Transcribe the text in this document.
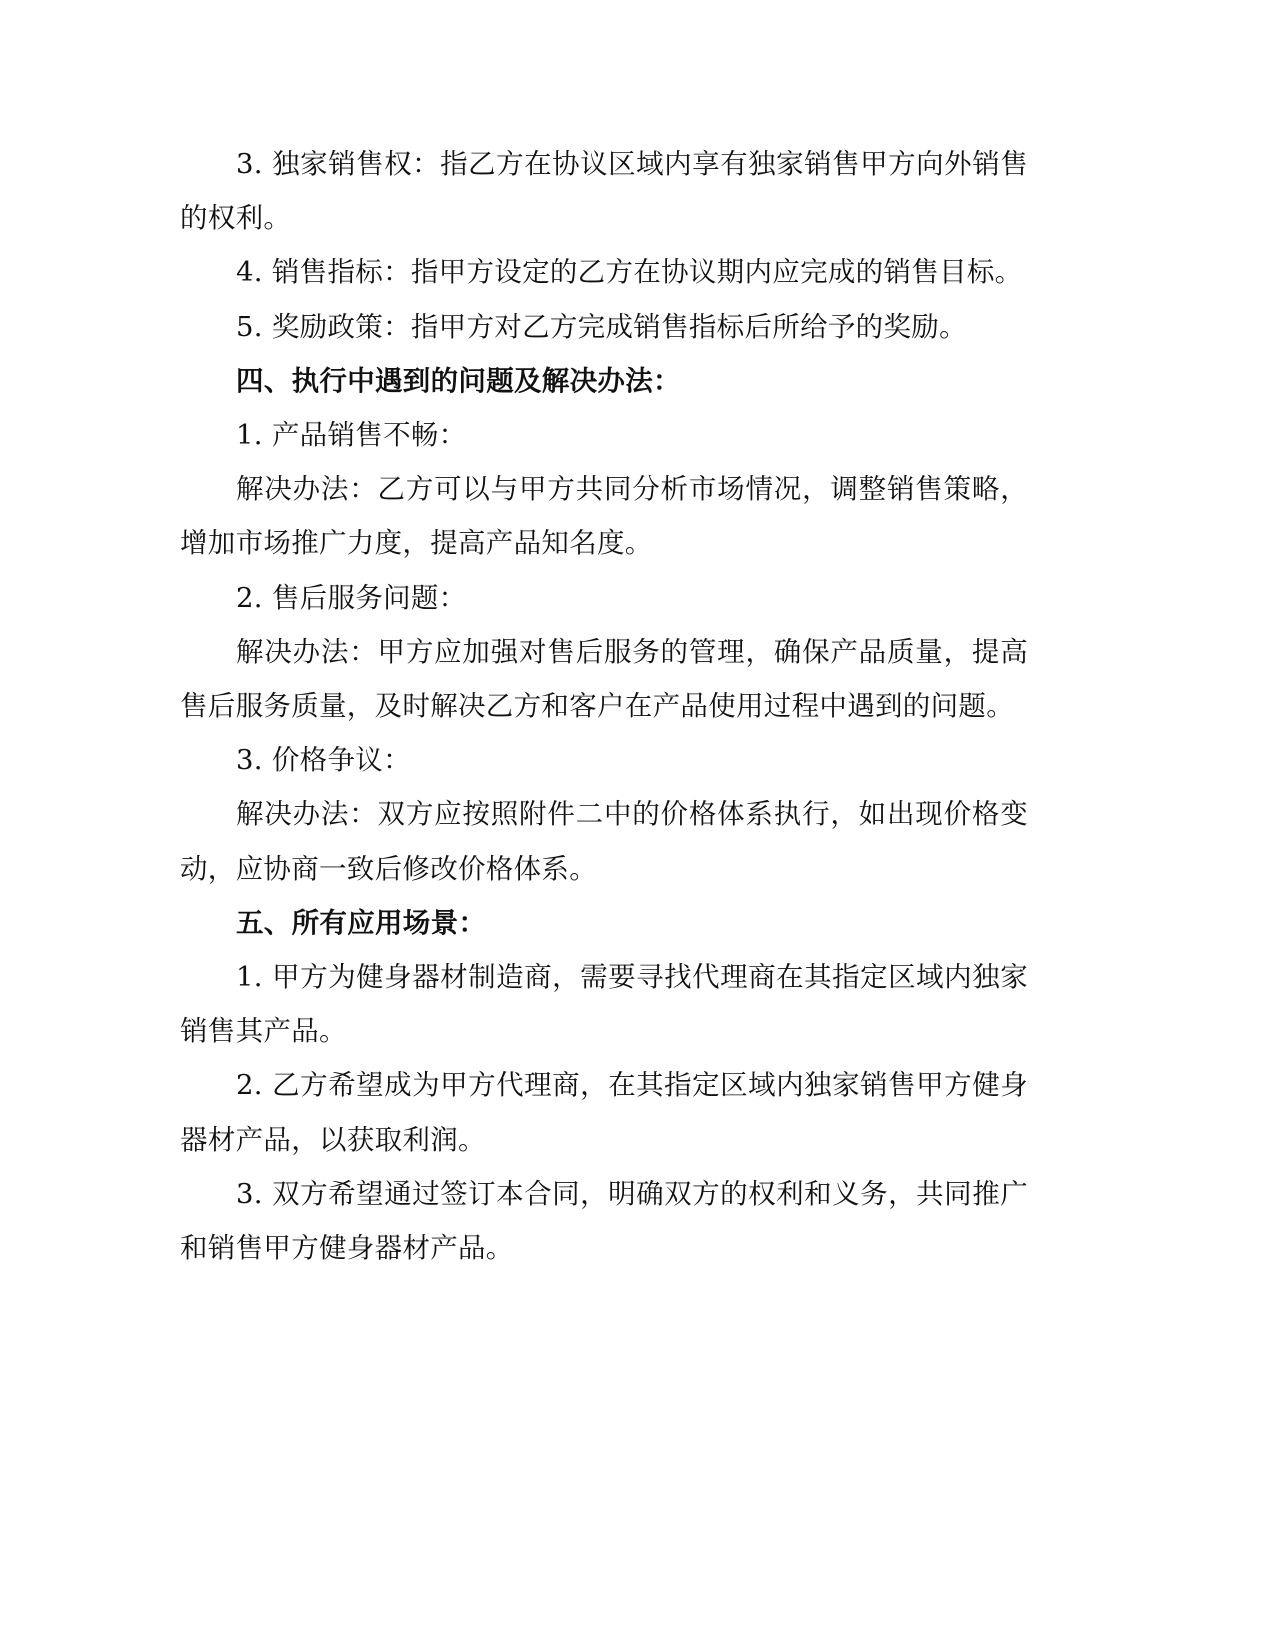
3. 独家销售权：指乙方在协议区域内享有独家销售甲方向外销售的权利。

4. 销售指标：指甲方设定的乙方在协议期内应完成的销售目标。

5. 奖励政策：指甲方对乙方完成销售指标后所给予的奖励。

四、执行中遇到的问题及解决办法：

1. 产品销售不畅：

解决办法：乙方可以与甲方共同分析市场情况，调整销售策略，增加市场推广力度，提高产品知名度。

2. 售后服务问题：

解决办法：甲方应加强对售后服务的管理，确保产品质量，提高售后服务质量，及时解决乙方和客户在产品使用过程中遇到的问题。

3. 价格争议：

解决办法：双方应按照附件二中的价格体系执行，如出现价格变动，应协商一致后修改价格体系。

五、所有应用场景：

1. 甲方为健身器材制造商，需要寻找代理商在其指定区域内独家销售其产品。

2. 乙方希望成为甲方代理商，在其指定区域内独家销售甲方健身器材产品，以获取利润。

3. 双方希望通过签订本合同，明确双方的权利和义务，共同推广和销售甲方健身器材产品。
